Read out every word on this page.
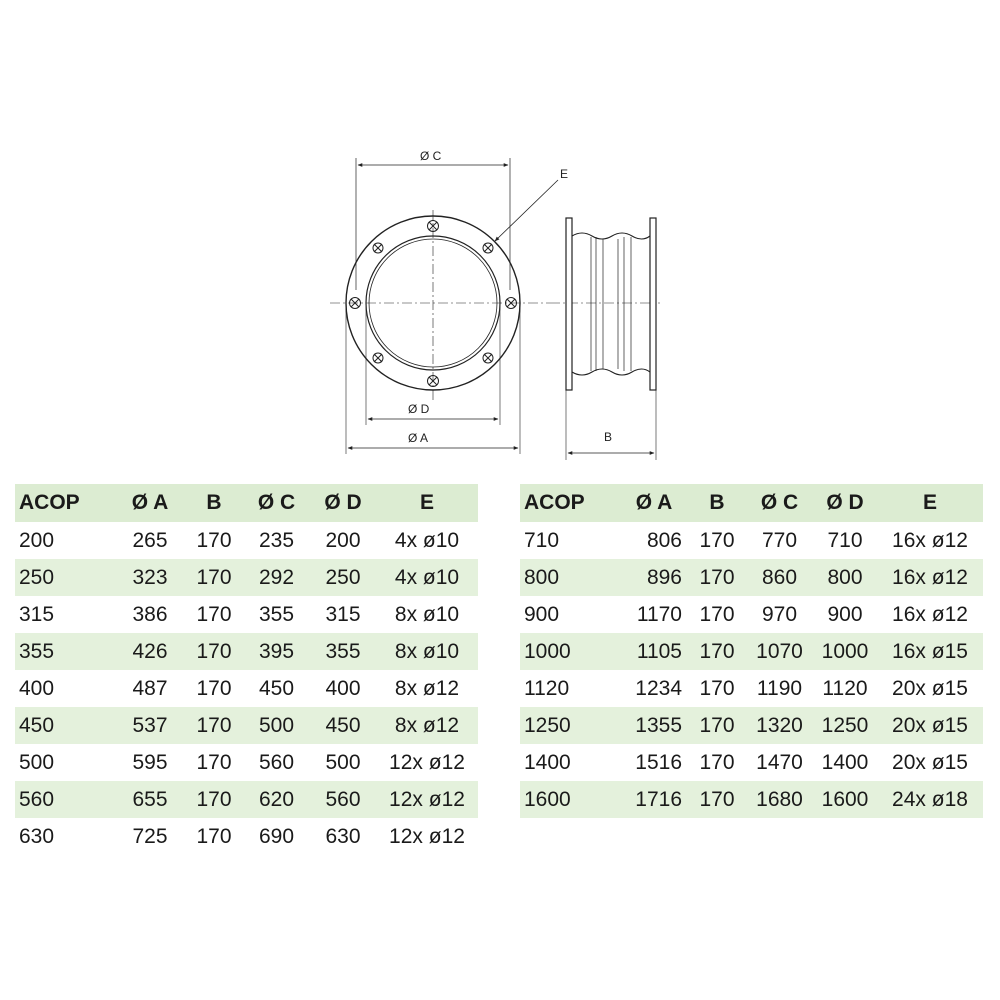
Ø C
E
Ø D
Ø A	B
ACOP	Ø A	B	Ø C	Ø D	E
200	265	170	235	200	4x ø10
250	323	170	292	250	4x ø10
315	386	170	355	315	8x ø10
355	426	170	395	355	8x ø10
400	487	170	450	400	8x ø12
450	537	170	500	450	8x ø12
500	595	170	560	500	12x ø12
560	655	170	620	560	12x ø12
630	725	170	690	630	12x ø12
ACOP	Ø A	B	Ø C	Ø D	E
710	806	170	770	710	16x ø12
800	896	170	860	800	16x ø12
900	1170	170	970	900	16x ø12
1000	1105	170	1070	1000	16x ø15
1120	1234	170	1190	1120	20x ø15
1250	1355	170	1320	1250	20x ø15
1400	1516	170	1470	1400	20x ø15
1600	1716	170	1680	1600	24x ø18
